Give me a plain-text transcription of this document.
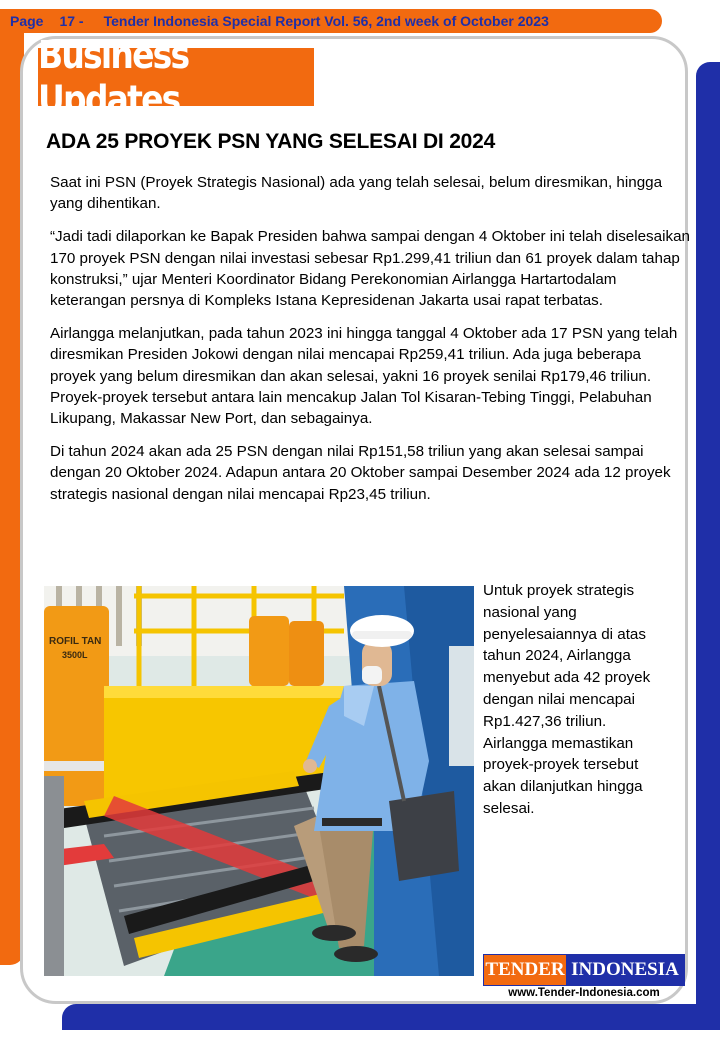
Page 17 - Tender Indonesia Special Report Vol. 56, 2nd week of October 2023
Business Updates
ADA 25 PROYEK PSN YANG SELESAI DI 2024

Saat ini PSN (Proyek Strategis Nasional) ada yang telah selesai, belum diresmikan, hingga yang dihentikan.

“Jadi tadi dilaporkan ke Bapak Presiden bahwa sampai dengan 4 Oktober ini telah diselesaikan 170 proyek PSN dengan nilai investasi sebesar Rp1.299,41 triliun dan 61 proyek dalam tahap konstruksi,” ujar Menteri Koordinator Bidang Perekonomian Airlangga Hartartodalam keterangan persnya di Kompleks Istana Kepresidenan Jakarta usai rapat terbatas.

Airlangga melanjutkan, pada tahun 2023 ini hingga tanggal 4 Oktober ada 17 PSN yang telah diresmikan Presiden Jokowi dengan nilai mencapai Rp259,41 triliun. Ada juga beberapa proyek yang belum diresmikan dan akan selesai, yakni 16 proyek senilai Rp179,46 triliun. Proyek-proyek tersebut antara lain mencakup Jalan Tol Kisaran-Tebing Tinggi, Pelabuhan Likupang, Makassar New Port, dan sebagainya.

Di tahun 2024 akan ada 25 PSN dengan nilai Rp151,58 triliun yang akan selesai sampai dengan 20 Oktober 2024. Adapun antara 20 Oktober sampai Desember 2024 ada 12 proyek strategis nasional dengan nilai mencapai Rp23,45 triliun.

ROFIL TAN
3500L

Untuk proyek strategis nasional yang penyelesaiannya di atas tahun 2024, Airlangga menyebut ada 42 proyek dengan nilai mencapai Rp1.427,36 triliun. Airlangga memastikan proyek-proyek tersebut akan dilanjutkan hingga selesai.

TENDER INDONESIA
www.Tender-Indonesia.com
